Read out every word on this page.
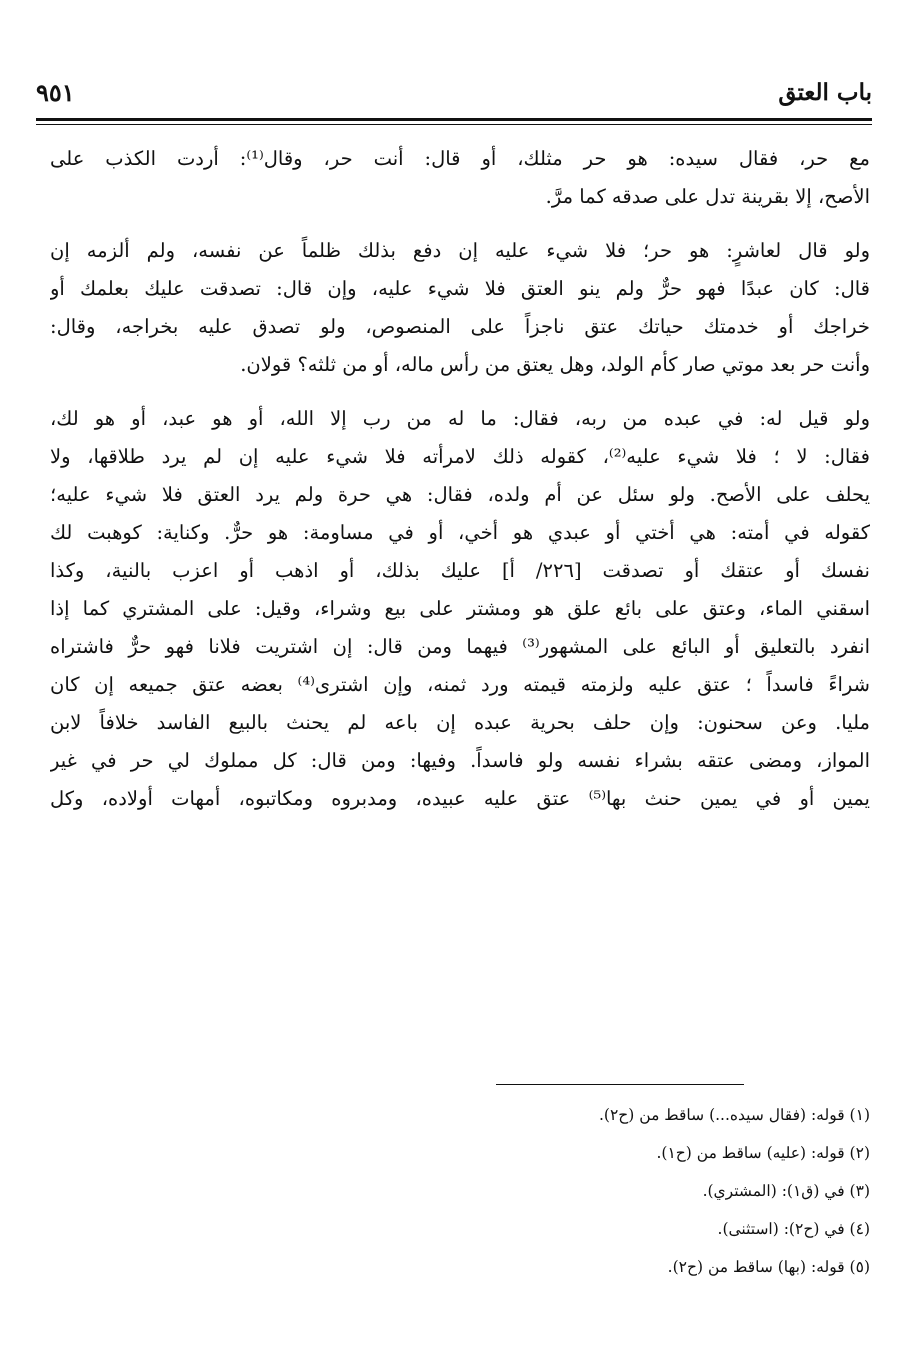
باب العتق
٩٥١
مع حر، فقال سيده: هو حر مثلك، أو قال: أنت حر، وقال⁽¹⁾: أردت الكذب على
الأصح، إلا بقرينة تدل على صدقه كما مرَّ.
ولو قال لعاشرٍ: هو حر؛ فلا شيء عليه إن دفع بذلك ظلماً عن نفسه، ولم ألزمه إن
قال: كان عبدًا فهو حرٌّ ولم ينو العتق فلا شيء عليه، وإن قال: تصدقت عليك بعلمك أو
خراجك أو خدمتك حياتك عتق ناجزاً على المنصوص، ولو تصدق عليه بخراجه، وقال:
وأنت حر بعد موتي صار كأم الولد، وهل يعتق من رأس ماله، أو من ثلثه؟ قولان.
ولو قيل له: في عبده من ربه، فقال: ما له من رب إلا الله، أو هو عبد، أو هو لك،
فقال: لا ؛ فلا شيء عليه⁽²⁾، كقوله ذلك لامرأته فلا شيء عليه إن لم يرد طلاقها، ولا
يحلف على الأصح. ولو سئل عن أم ولده، فقال: هي حرة ولم يرد العتق فلا شيء عليه؛
كقوله في أمته: هي أختي أو عبدي هو أخي، أو في مساومة: هو حرٌّ. وكناية: كوهبت لك
نفسك أو عتقك أو تصدقت [٢٢٦/ أ] عليك بذلك، أو اذهب أو اعزب بالنية، وكذا
اسقني الماء، وعتق على بائع علق هو ومشتر على بيع وشراء، وقيل: على المشتري كما إذا
انفرد بالتعليق أو البائع على المشهور⁽³⁾ فيهما ومن قال: إن اشتريت فلانا فهو حرٌّ فاشتراه
شراءً فاسداً ؛ عتق عليه ولزمته قيمته ورد ثمنه، وإن اشترى⁽⁴⁾ بعضه عتق جميعه إن كان
مليا. وعن سحنون: وإن حلف بحرية عبده إن باعه لم يحنث بالبيع الفاسد خلافاً لابن
المواز، ومضى عتقه بشراء نفسه ولو فاسداً. وفيها: ومن قال: كل مملوك لي حر في غير
يمين أو في يمين حنث بها⁽⁵⁾ عتق عليه عبيده، ومدبروه ومكاتبوه، أمهات أولاده، وكل
(١) قوله: (فقال سيده...) ساقط من (ح٢).
(٢) قوله: (عليه) ساقط من (ح١).
(٣) في (ق١): (المشتري).
(٤) في (ح٢): (استثنى).
(٥) قوله: (بها) ساقط من (ح٢).
